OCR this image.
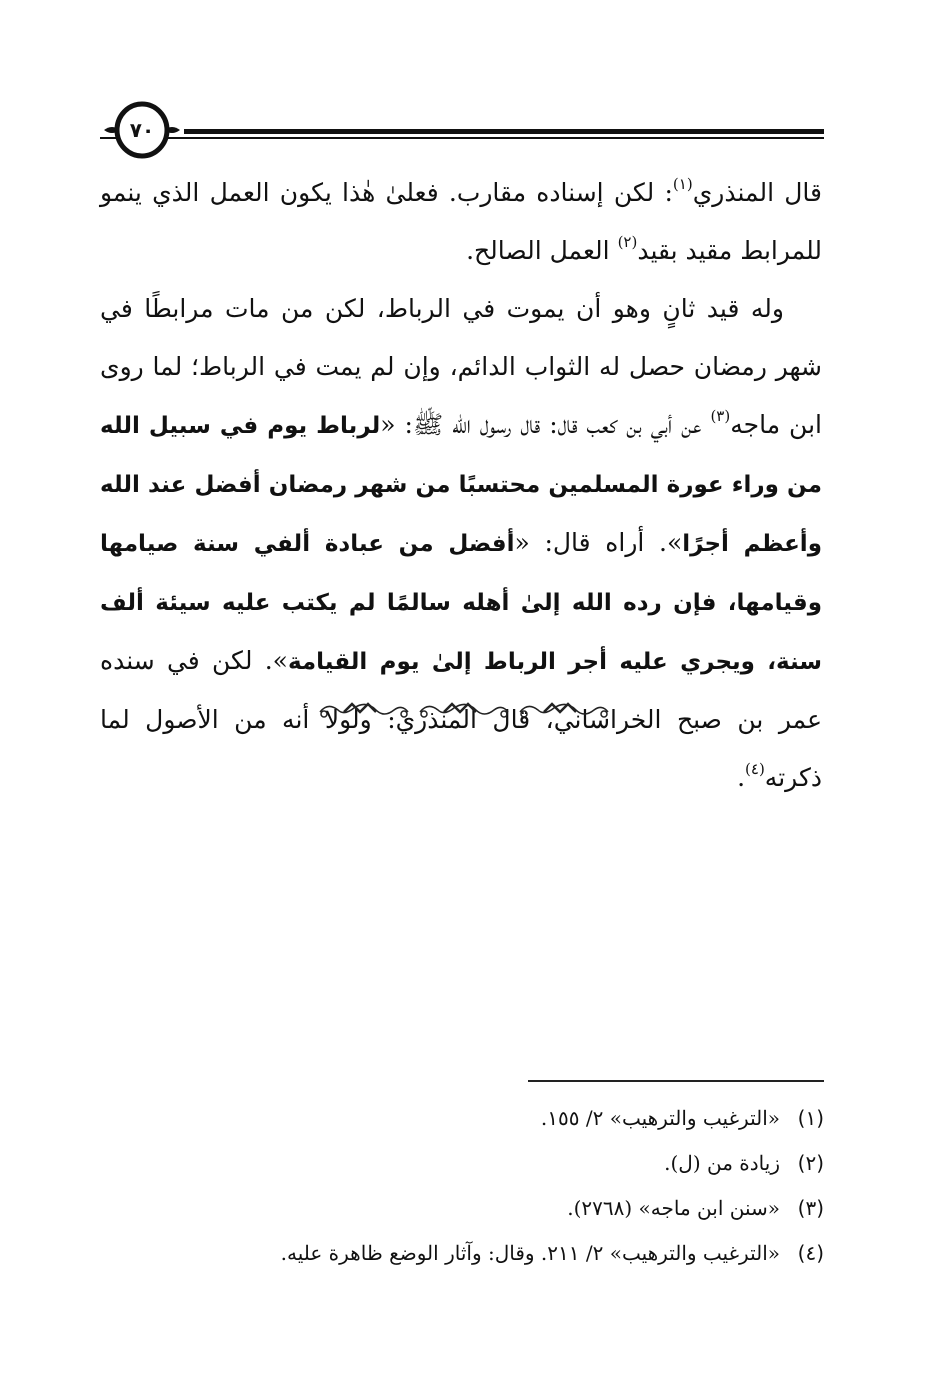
٧٠

قال المنذري$^{(١)}$: لكن إسناده مقارب. فعلىٰ هٰذا يكون العمل الذي ينمو للمرابط مقيد بقيد$^{(٢)}$ العمل الصالح.

وله قيد ثانٍ وهو أن يموت في الرباط، لكن من مات مرابطًا في شهر رمضان حصل له الثواب الدائم، وإن لم يمت في الرباط؛ لما روى ابن ماجه$^{(٣)}$ عن أبي بن كعب قال: قال رسول الله ﷺ: «لرباط يوم في سبيل الله من وراء عورة المسلمين محتسبًا من شهر رمضان أفضل عند الله وأعظم أجرًا». أراه قال: «أفضل من عبادة ألفي سنة صيامها وقيامها، فإن رده الله إلىٰ أهله سالمًا لم يكتب عليه سيئة ألف سنة، ويجري عليه أجر الرباط إلىٰ يوم القيامة». لكن في سنده عمر بن صبح الخراساني، قال المنذري: ولولا أنه من الأصول لما ذكرته$^{(٤)}$.

(١)
«الترغيب والترهيب» ٢/ ١٥٥.
(٢)
زيادة من (ل).
(٣)
«سنن ابن ماجه» (٢٧٦٨).
(٤)
«الترغيب والترهيب» ٢/ ٢١١. وقال: وآثار الوضع ظاهرة عليه.
